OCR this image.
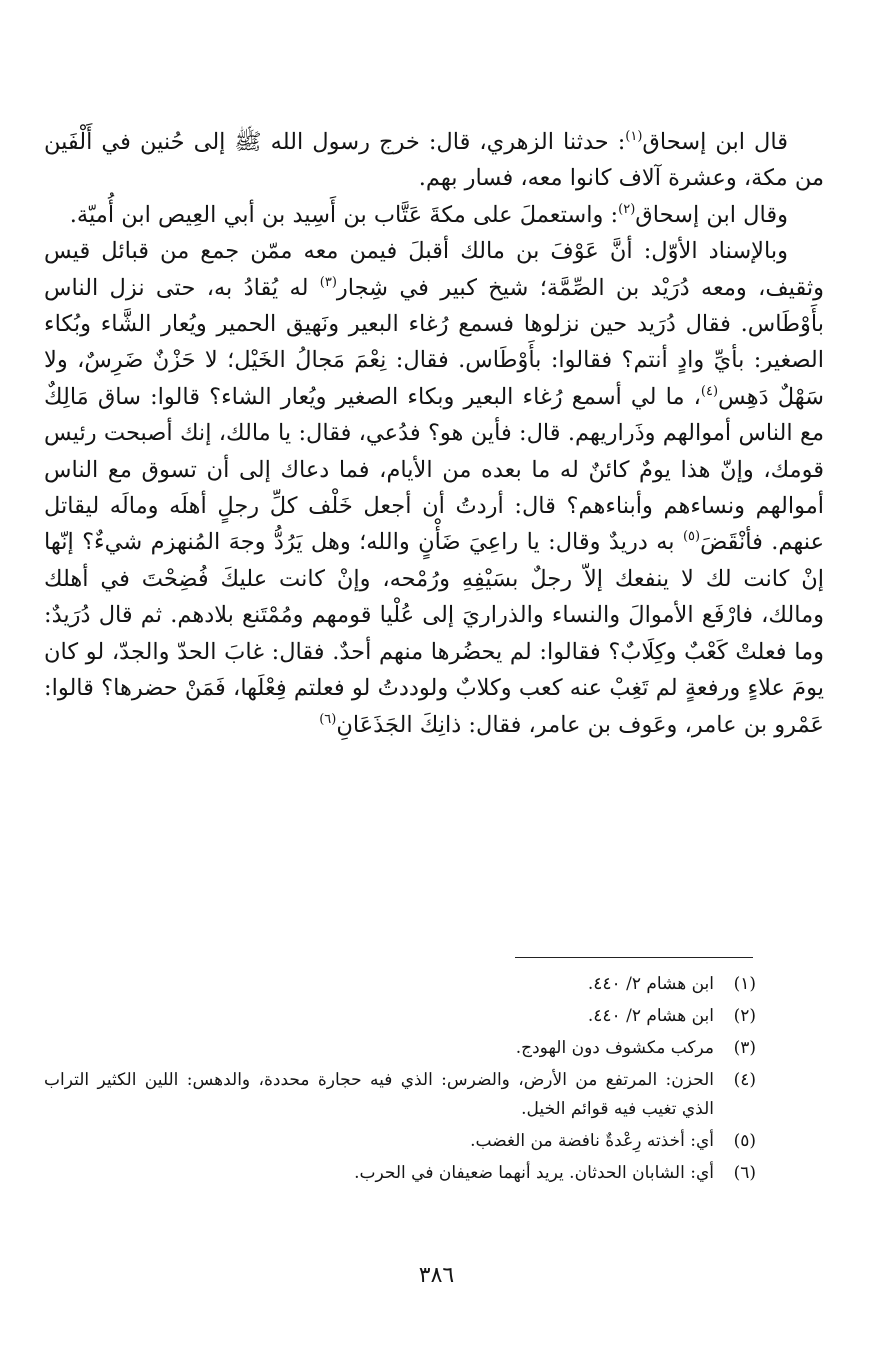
قال ابن إسحاق$^{(١)}$: حدثنا الزهري، قال: خرج رسول الله ﷺ إلى حُنين في أَلْفَين من مكة، وعشرة آلاف كانوا معه، فسار بهم.

وقال ابن إسحاق$^{(٢)}$: واستعملَ على مكةَ عَتَّاب بن أَسِيد بن أبي العِيص ابن أُميّة.

وبالإسناد الأوّل: أنَّ عَوْفَ بن مالك أقبلَ فيمن معه ممّن جمع من قبائل قيس وثقيف، ومعه دُرَيْد بن الصِّمَّة؛ شيخ كبير في شِجار$^{(٣)}$ له يُقادُ به، حتى نزل الناس بأَوْطَاس. فقال دُرَيد حين نزلوها فسمع رُغاء البعير ونَهيق الحمير ويُعار الشَّاء وبُكاء الصغير: بأيِّ وادٍ أنتم؟ فقالوا: بأَوْطَاس. فقال: نِعْمَ مَجالُ الخَيْل؛ لا حَزْنٌ ضَرِسٌ، ولا سَهْلٌ دَهِس$^{(٤)}$، ما لي أسمع رُغاء البعير وبكاء الصغير ويُعار الشاء؟ قالوا: ساق مَالِكٌ مع الناس أموالهم وذَراريهم. قال: فأين هو؟ فدُعي، فقال: يا مالك، إنك أصبحت رئيس قومك، وإنّ هذا يومٌ كائنٌ له ما بعده من الأيام، فما دعاك إلى أن تسوق مع الناس أموالهم ونساءهم وأبناءهم؟ قال: أردتُ أن أجعل خَلْف كلِّ رجلٍ أهلَه ومالَه ليقاتل عنهم. فأنْقَضَ$^{(٥)}$ به دريدٌ وقال: يا راعِيَ ضَأْنٍ والله؛ وهل يَرُدُّ وجهَ المُنهزم شيءٌ؟ إنّها إنْ كانت لك لا ينفعك إلاّ رجلٌ بسَيْفِهِ ورُمْحه، وإنْ كانت عليكَ فُضِحْتَ في أهلك ومالك، فارْفَع الأموالَ والنساء والذراريَ إلى عُلْيا قومهم ومُمْتَنع بلادهم. ثم قال دُرَيدٌ: وما فعلتْ كَعْبٌ وكِلَابٌ؟ فقالوا: لم يحضُرها منهم أحدٌ. فقال: غابَ الحدّ والجدّ، لو كان يومَ علاءٍ ورفعةٍ لم تَغِبْ عنه كعب وكلابٌ ولوددتُ لو فعلتم فِعْلَها، فَمَنْ حضرها؟ قالوا: عَمْرو بن عامر، وعَوف بن عامر، فقال: ذانِكَ الجَذَعَانِ$^{(٦)}$

(١)
ابن هشام ٢/ ٤٤٠.
(٢)
ابن هشام ٢/ ٤٤٠.
(٣)
مركب مكشوف دون الهودج.
(٤)
الحزن: المرتفع من الأرض، والضرس: الذي فيه حجارة محددة، والدهس: اللين الكثير التراب الذي تغيب فيه قوائم الخيل.
(٥)
أي: أخذته رِعْدةٌ نافضة من الغضب.
(٦)
أي: الشابان الحدثان. يريد أنهما ضعيفان في الحرب.
٣٨٦
